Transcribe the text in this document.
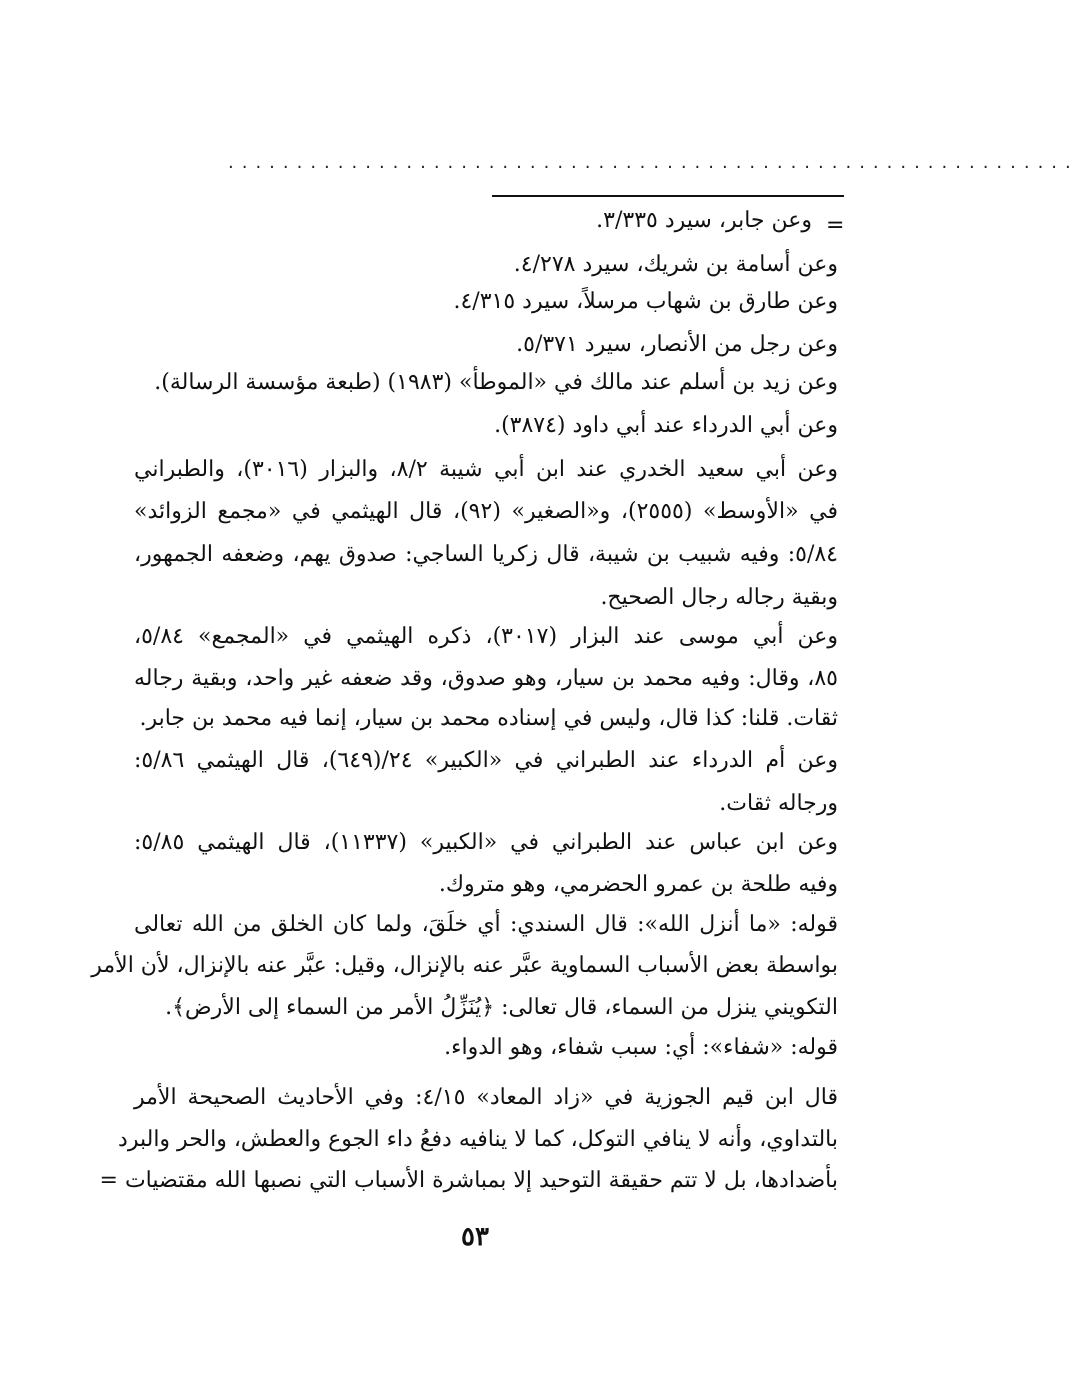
..............................................................
=
وعن جابر، سيرد ٣/٣٣٥.
وعن أسامة بن شريك، سيرد ٤/٢٧٨.
وعن طارق بن شهاب مرسلاً، سيرد ٤/٣١٥.
وعن رجل من الأنصار، سيرد ٥/٣٧١.
وعن زيد بن أسلم عند مالك في «الموطأ» (١٩٨٣) (طبعة مؤسسة الرسالة).
وعن أبي الدرداء عند أبي داود (٣٨٧٤).
وعن أبي سعيد الخدري عند ابن أبي شيبة ٨/٢، والبزار (٣٠١٦)، والطبراني
في «الأوسط» (٢٥٥٥)، و«الصغير» (٩٢)، قال الهيثمي في «مجمع الزوائد»
٥/٨٤: وفيه شبيب بن شيبة، قال زكريا الساجي: صدوق يهم، وضعفه الجمهور،
وبقية رجاله رجال الصحيح.
وعن أبي موسى عند البزار (٣٠١٧)، ذكره الهيثمي في «المجمع» ٥/٨٤،
٨٥، وقال: وفيه محمد بن سيار، وهو صدوق، وقد ضعفه غير واحد، وبقية رجاله
ثقات. قلنا: كذا قال، وليس في إسناده محمد بن سيار، إنما فيه محمد بن جابر.
وعن أم الدرداء عند الطبراني في «الكبير» ٢٤/(٦٤٩)، قال الهيثمي ٥/٨٦:
ورجاله ثقات.
وعن ابن عباس عند الطبراني في «الكبير» (١١٣٣٧)، قال الهيثمي ٥/٨٥:
وفيه طلحة بن عمرو الحضرمي، وهو متروك.
قوله: «ما أنزل الله»: قال السندي: أي خلَقَ، ولما كان الخلق من الله تعالى
بواسطة بعض الأسباب السماوية عبَّر عنه بالإنزال، وقيل: عبَّر عنه بالإنزال، لأن الأمر
التكويني ينزل من السماء، قال تعالى: ﴿يُنَزِّلُ الأمر من السماء إلى الأرض﴾.
قوله: «شفاء»: أي: سبب شفاء، وهو الدواء.
قال ابن قيم الجوزية في «زاد المعاد» ٤/١٥: وفي الأحاديث الصحيحة الأمر
بالتداوي، وأنه لا ينافي التوكل، كما لا ينافيه دفعُ داء الجوع والعطش، والحر والبرد
بأضدادها، بل لا تتم حقيقة التوحيد إلا بمباشرة الأسباب التي نصبها الله مقتضيات =
٥٣
